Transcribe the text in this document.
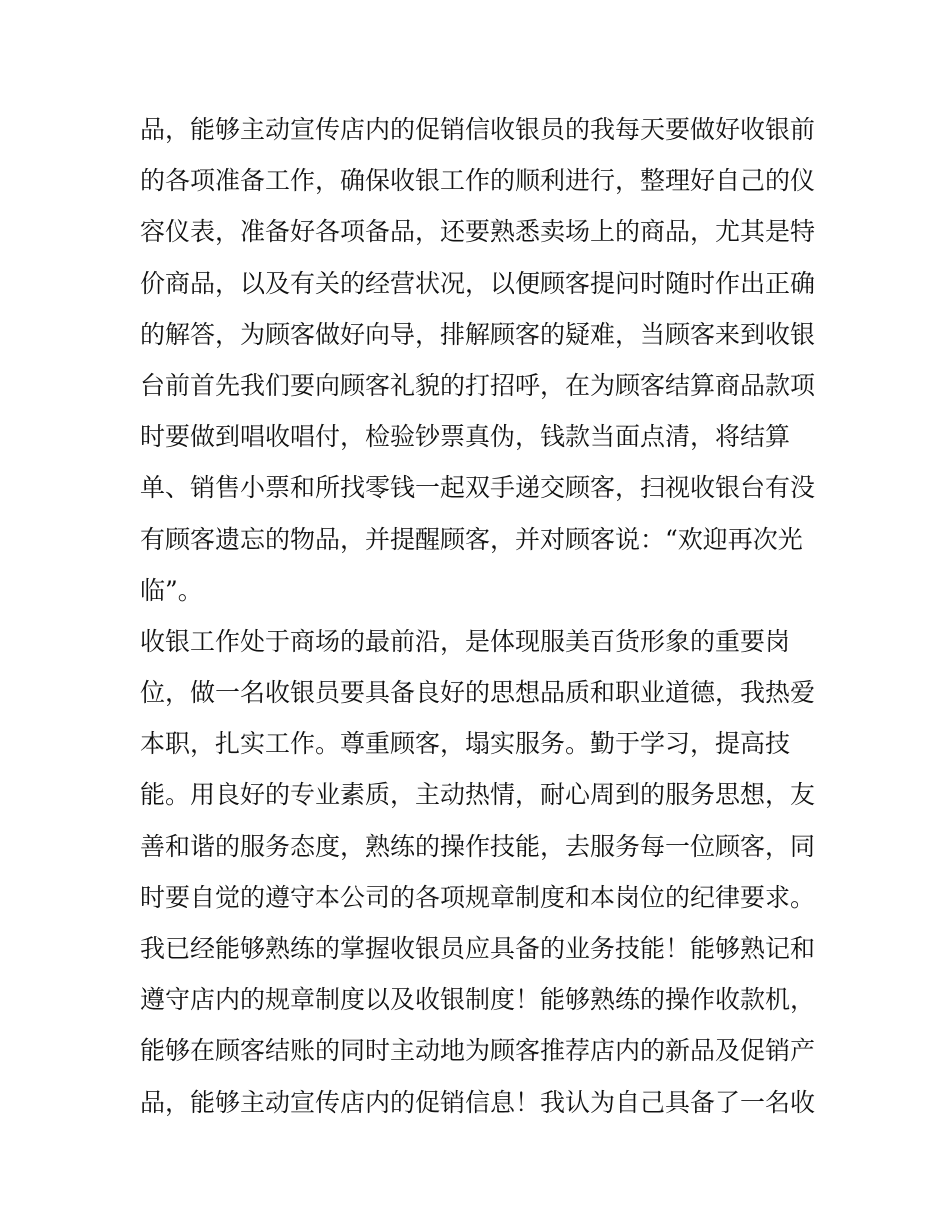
品，能够主动宣传店内的促销信收银员的我每天要做好收银前
的各项准备工作，确保收银工作的顺利进行，整理好自己的仪
容仪表，准备好各项备品，还要熟悉卖场上的商品，尤其是特
价商品，以及有关的经营状况，以便顾客提问时随时作出正确
的解答，为顾客做好向导，排解顾客的疑难，当顾客来到收银
台前首先我们要向顾客礼貌的打招呼，在为顾客结算商品款项
时要做到唱收唱付，检验钞票真伪，钱款当面点清，将结算
单、销售小票和所找零钱一起双手递交顾客，扫视收银台有没
有顾客遗忘的物品，并提醒顾客，并对顾客说：“欢迎再次光
临”。
收银工作处于商场的最前沿，是体现服美百货形象的重要岗
位，做一名收银员要具备良好的思想品质和职业道德，我热爱
本职，扎实工作。尊重顾客，塌实服务。勤于学习，提高技
能。用良好的专业素质，主动热情，耐心周到的服务思想，友
善和谐的服务态度，熟练的操作技能，去服务每一位顾客，同
时要自觉的遵守本公司的各项规章制度和本岗位的纪律要求。
我已经能够熟练的掌握收银员应具备的业务技能！能够熟记和
遵守店内的规章制度以及收银制度！能够熟练的操作收款机，
能够在顾客结账的同时主动地为顾客推荐店内的新品及促销产
品，能够主动宣传店内的促销信息！我认为自己具备了一名收
